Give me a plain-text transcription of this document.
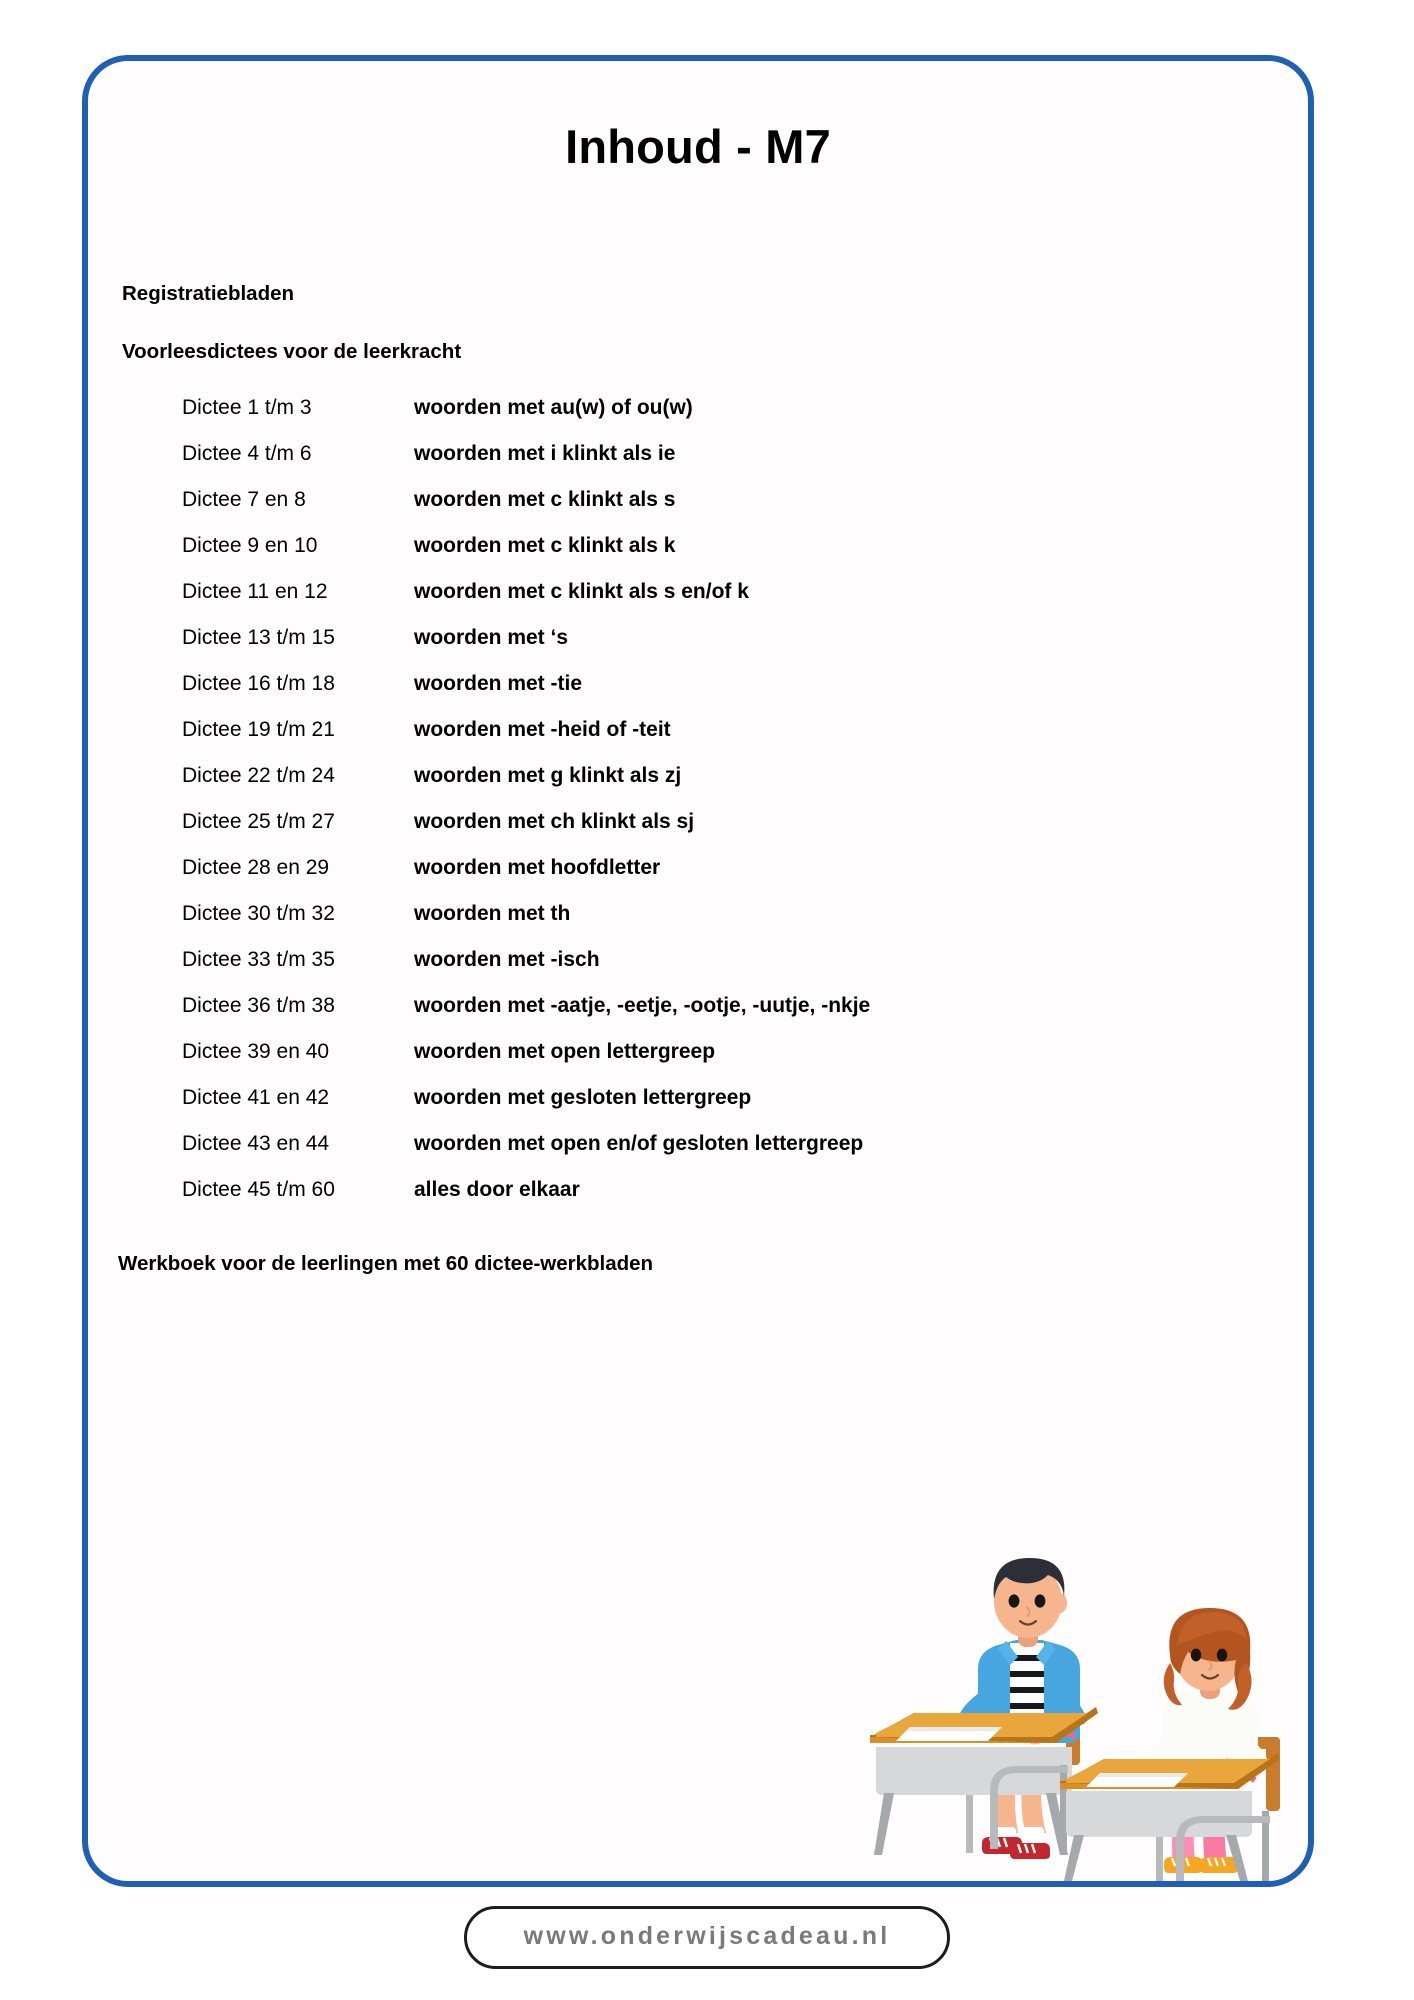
Inhoud - M7
Registratiebladen
Voorleesdictees voor de leerkracht
Dictee 1 t/m 3	woorden met au(w) of ou(w)
Dictee 4 t/m 6	woorden met i klinkt als ie
Dictee 7 en 8	woorden met c klinkt als s
Dictee 9 en 10	woorden met c klinkt als k
Dictee 11 en 12	woorden met c klinkt als s en/of k
Dictee 13 t/m 15	woorden met ‘s
Dictee 16 t/m 18	woorden met -tie
Dictee 19 t/m 21	woorden met -heid of -teit
Dictee 22 t/m 24	woorden met g klinkt als zj
Dictee 25 t/m 27	woorden met ch klinkt als sj
Dictee 28 en 29	woorden met hoofdletter
Dictee 30 t/m 32	woorden met th
Dictee 33 t/m 35	woorden met -isch
Dictee 36 t/m 38	woorden met -aatje, -eetje, -ootje, -uutje, -nkje
Dictee 39 en 40	woorden met open lettergreep
Dictee 41 en 42	woorden met gesloten lettergreep
Dictee 43 en 44	woorden met open en/of gesloten lettergreep
Dictee 45 t/m 60	alles door elkaar
Werkboek voor de leerlingen met 60 dictee-werkbladen
www.onderwijscadeau.nl
